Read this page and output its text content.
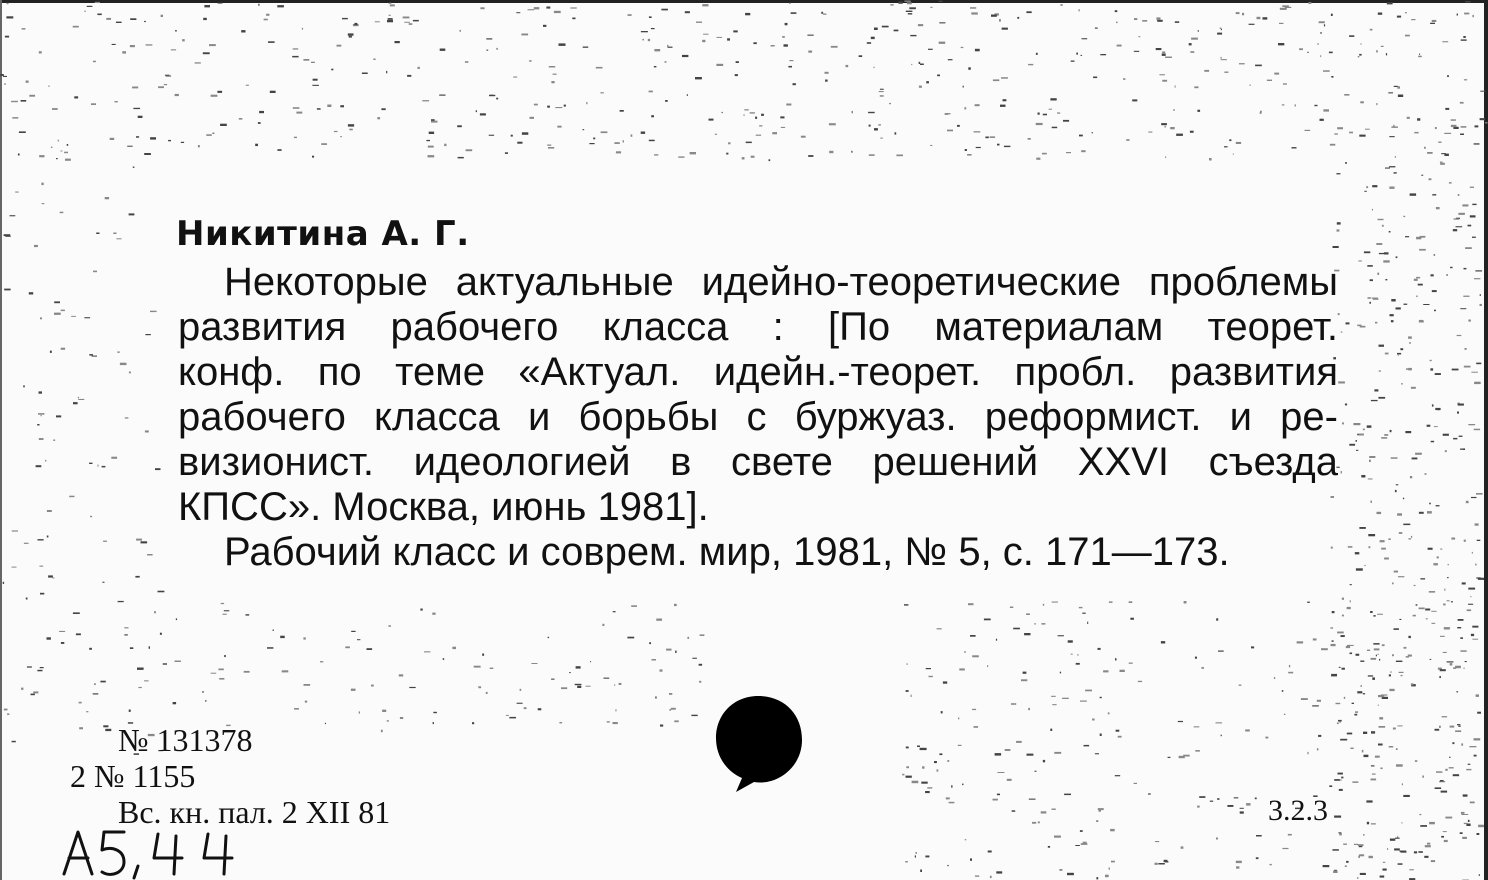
Никитина А. Г.
Некоторые актуальные идейно-теоретические проблемы
развития рабочего класса : [По материалам теорет.
конф. по теме «Актуал. идейн.-теорет. пробл. развития
рабочего класса и борьбы с буржуаз. реформист. и ре-
визионист. идеологией в свете решений XXVI съезда
КПСС». Москва, июнь 1981].
Рабочий класс и соврем. мир, 1981, № 5, с. 171—173.
№ 131378
2 № 1155
Вс. кн. пал. 2 XII 81	3.2.3
